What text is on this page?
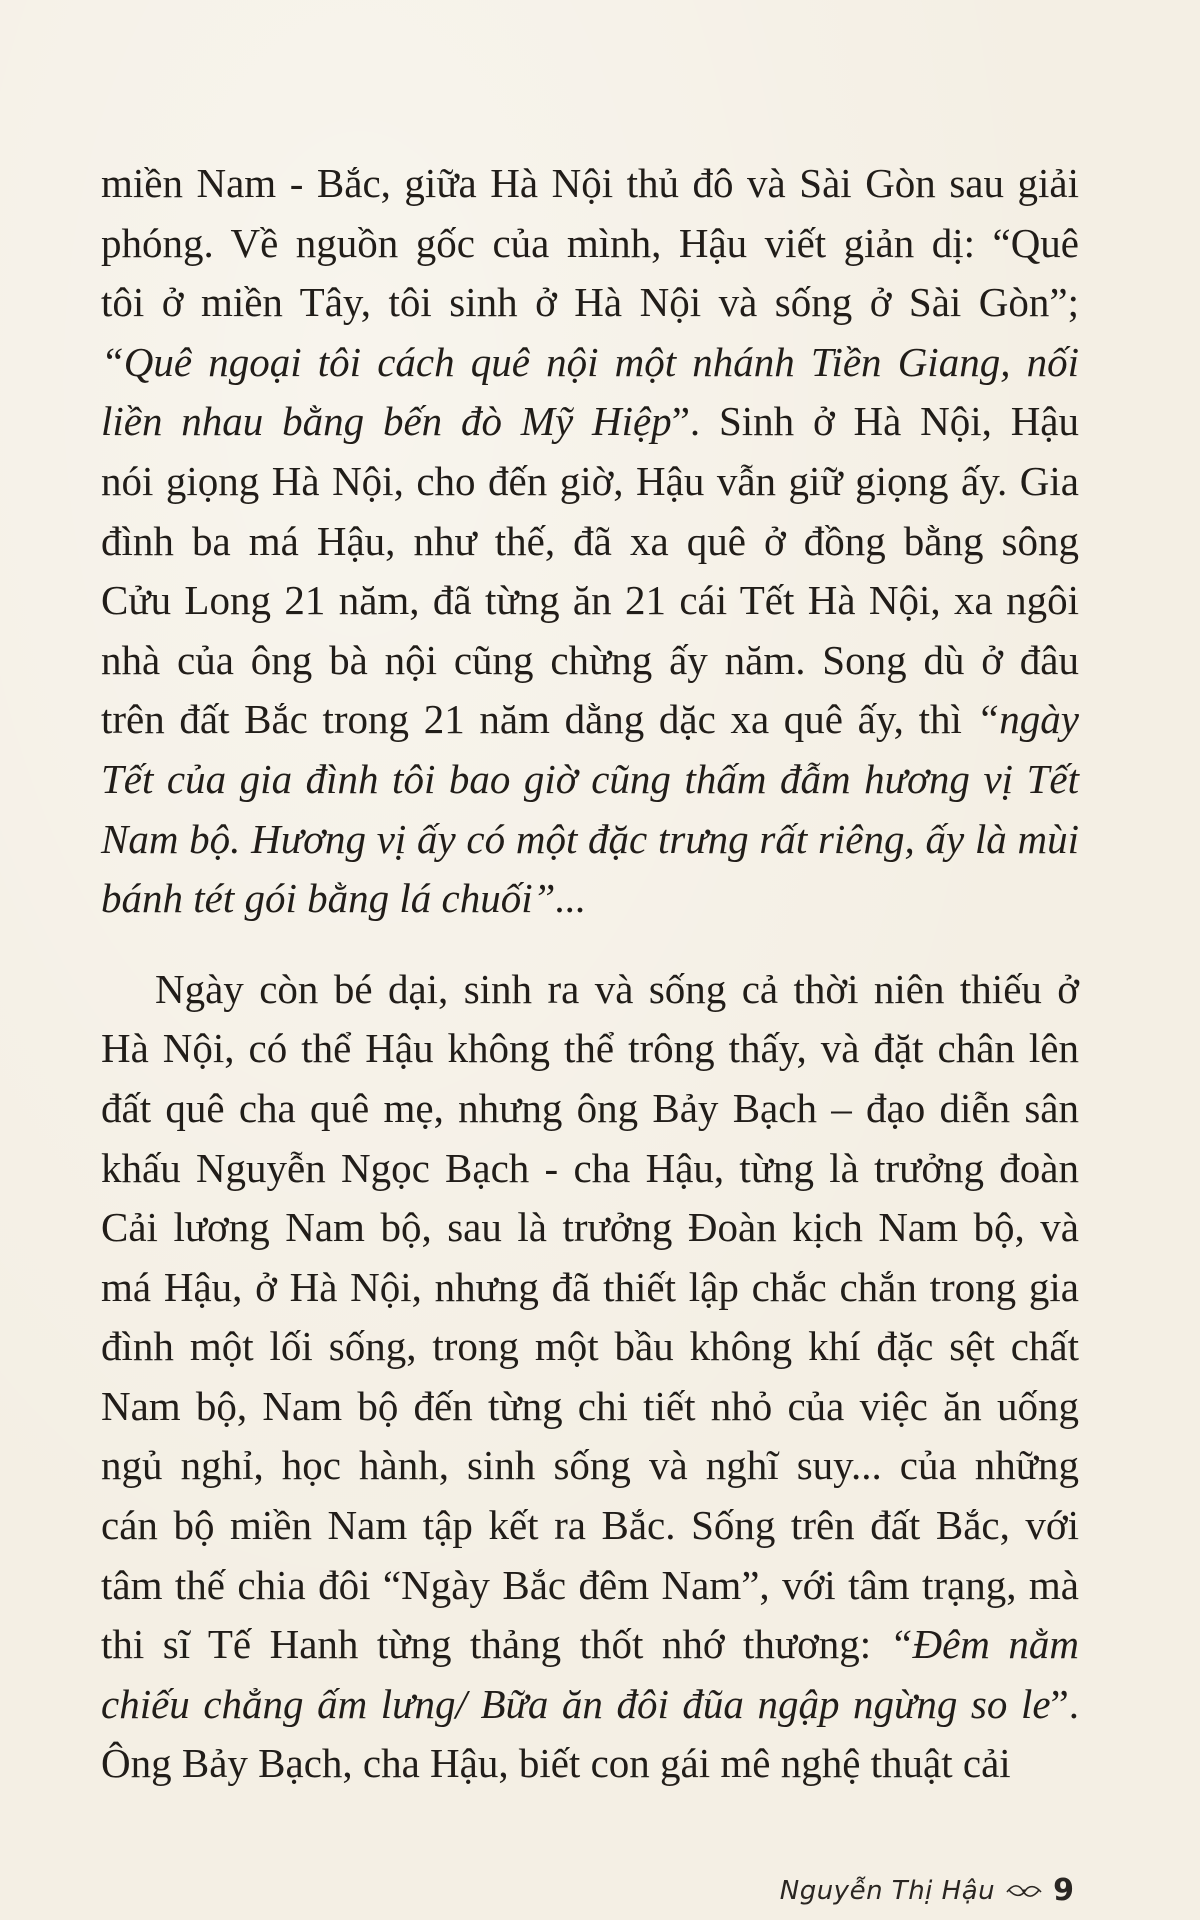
miền Nam - Bắc, giữa Hà Nội thủ đô và Sài Gòn sau giải
phóng. Về nguồn gốc của mình, Hậu viết giản dị: “Quê
tôi ở miền Tây, tôi sinh ở Hà Nội và sống ở Sài Gòn”;
“Quê ngoại tôi cách quê nội một nhánh Tiền Giang, nối
liền nhau bằng bến đò Mỹ Hiệp”. Sinh ở Hà Nội, Hậu
nói giọng Hà Nội, cho đến giờ, Hậu vẫn giữ giọng ấy. Gia
đình ba má Hậu, như thế, đã xa quê ở đồng bằng sông
Cửu Long 21 năm, đã từng ăn 21 cái Tết Hà Nội, xa ngôi
nhà của ông bà nội cũng chừng ấy năm. Song dù ở đâu
trên đất Bắc trong 21 năm dằng dặc xa quê ấy, thì “ngày
Tết của gia đình tôi bao giờ cũng thấm đẫm hương vị Tết
Nam bộ. Hương vị ấy có một đặc trưng rất riêng, ấy là mùi
bánh tét gói bằng lá chuối”...
Ngày còn bé dại, sinh ra và sống cả thời niên thiếu ở
Hà Nội, có thể Hậu không thể trông thấy, và đặt chân lên
đất quê cha quê mẹ, nhưng ông Bảy Bạch – đạo diễn sân
khấu Nguyễn Ngọc Bạch - cha Hậu, từng là trưởng đoàn
Cải lương Nam bộ, sau là trưởng Đoàn kịch Nam bộ, và
má Hậu, ở Hà Nội, nhưng đã thiết lập chắc chắn trong gia
đình một lối sống, trong một bầu không khí đặc sệt chất
Nam bộ, Nam bộ đến từng chi tiết nhỏ của việc ăn uống
ngủ nghỉ, học hành, sinh sống và nghĩ suy... của những
cán bộ miền Nam tập kết ra Bắc. Sống trên đất Bắc, với
tâm thế chia đôi “Ngày Bắc đêm Nam”, với tâm trạng, mà
thi sĩ Tế Hanh từng thảng thốt nhớ thương: “Đêm nằm
chiếu chẳng ấm lưng/ Bữa ăn đôi đũa ngập ngừng so le”.
Ông Bảy Bạch, cha Hậu, biết con gái mê nghệ thuật cải
Nguyễn Thị Hậu 9
